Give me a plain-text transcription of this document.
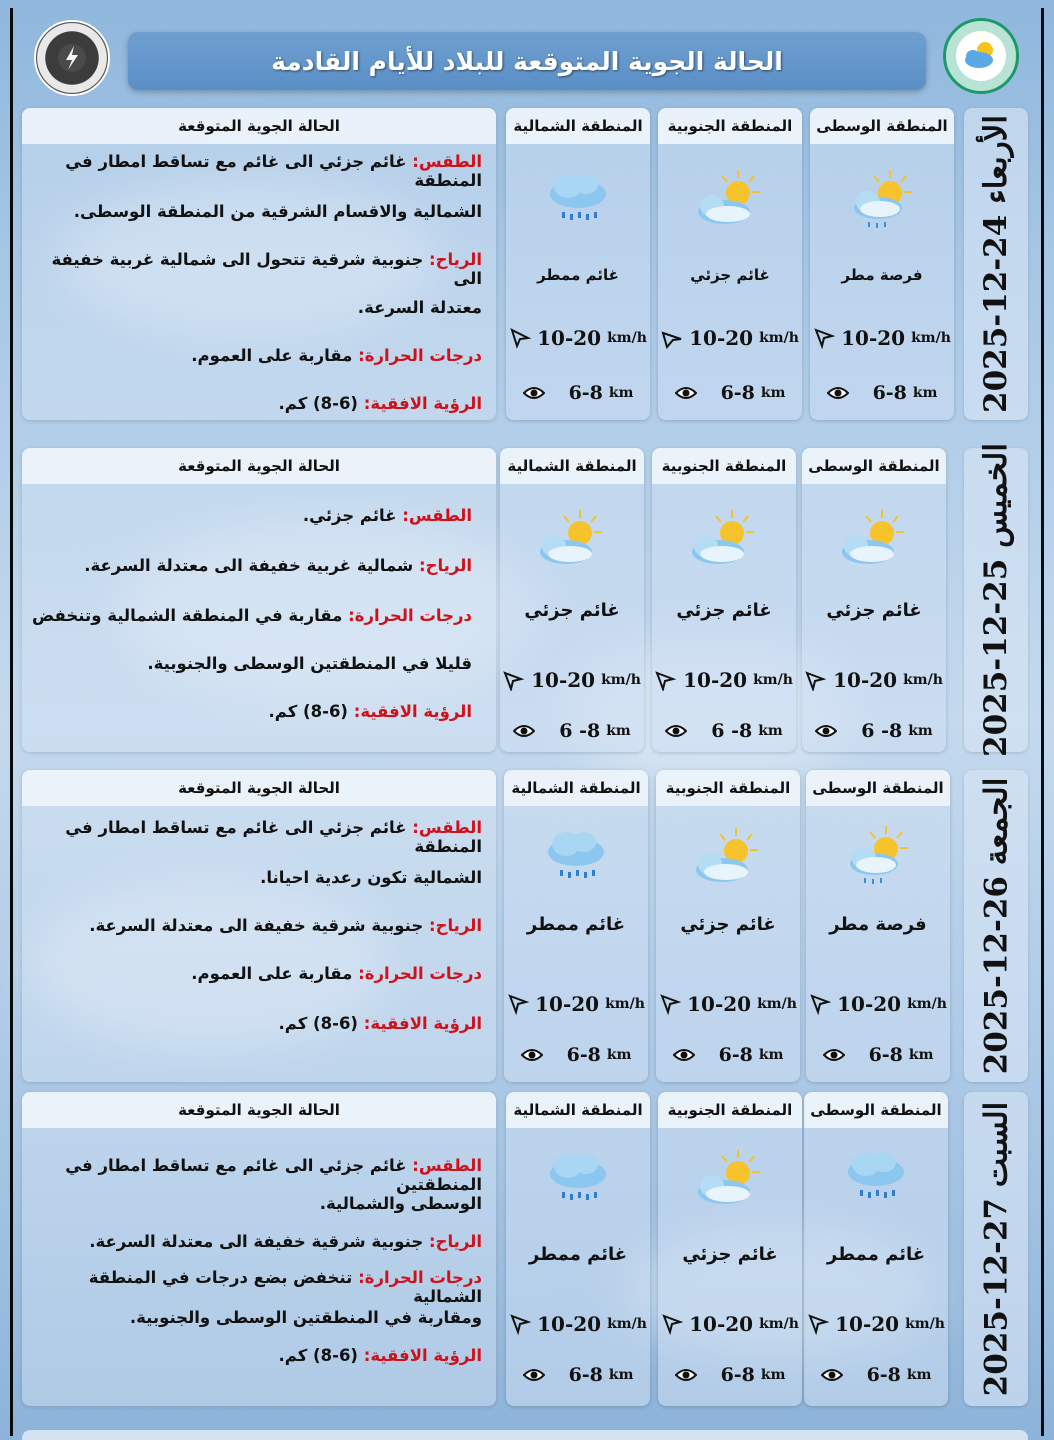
الحالة الجوية المتوقعة للبلاد للأيام القادمة
الأربعاء 24-12-2025
المنطقة الوسطى
فرصة مطر
10-20 km/h
6-8 km
المنطقة الجنوبية
غائم جزئي
10-20 km/h
6-8 km
المنطقة الشمالية
غائم ممطر
10-20 km/h
6-8 km
الحالة الجوية المتوقعة
الطقس: غائم جزئي الى غائم مع تساقط امطار في المنطقة
الشمالية والاقسام الشرقية من المنطقة الوسطى.
الرياح: جنوبية شرقية تتحول الى شمالية غربية خفيفة الى
معتدلة السرعة.
درجات الحرارة: مقاربة على العموم.
الرؤية الافقية: (6-8) كم.
الخميس 25-12-2025
المنطقة الوسطى
غائم جزئي
10-20 km/h
6 -8 km
المنطقة الجنوبية
غائم جزئي
10-20 km/h
6 -8 km
المنطقة الشمالية
غائم جزئي
10-20 km/h
6 -8 km
الحالة الجوية المتوقعة
الطقس: غائم جزئي.
الرياح: شمالية غربية خفيفة الى معتدلة السرعة.
درجات الحرارة: مقاربة في المنطقة الشمالية وتنخفض
قليلا في المنطقتين الوسطى والجنوبية.
الرؤية الافقية: (6-8) كم.
الجمعة 26-12-2025
المنطقة الوسطى
فرصة مطر
10-20 km/h
6-8 km
المنطقة الجنوبية
غائم جزئي
10-20 km/h
6-8 km
المنطقة الشمالية
غائم ممطر
10-20 km/h
6-8 km
الحالة الجوية المتوقعة
الطقس: غائم جزئي الى غائم مع تساقط امطار في المنطقة
الشمالية تكون رعدية احيانا.
الرياح: جنوبية شرقية خفيفة الى معتدلة السرعة.
درجات الحرارة: مقاربة على العموم.
الرؤية الافقية: (6-8) كم.
السبت 27-12-2025
المنطقة الوسطى
غائم ممطر
10-20 km/h
6-8 km
المنطقة الجنوبية
غائم جزئي
10-20 km/h
6-8 km
المنطقة الشمالية
غائم ممطر
10-20 km/h
6-8 km
الحالة الجوية المتوقعة
الطقس: غائم جزئي الى غائم مع تساقط امطار في المنطقتين
الوسطى والشمالية.
الرياح: جنوبية شرقية خفيفة الى معتدلة السرعة.
درجات الحرارة: تنخفض بضع درجات في المنطقة الشمالية
ومقاربة في المنطقتين الوسطى والجنوبية.
الرؤية الافقية: (6-8) كم.
